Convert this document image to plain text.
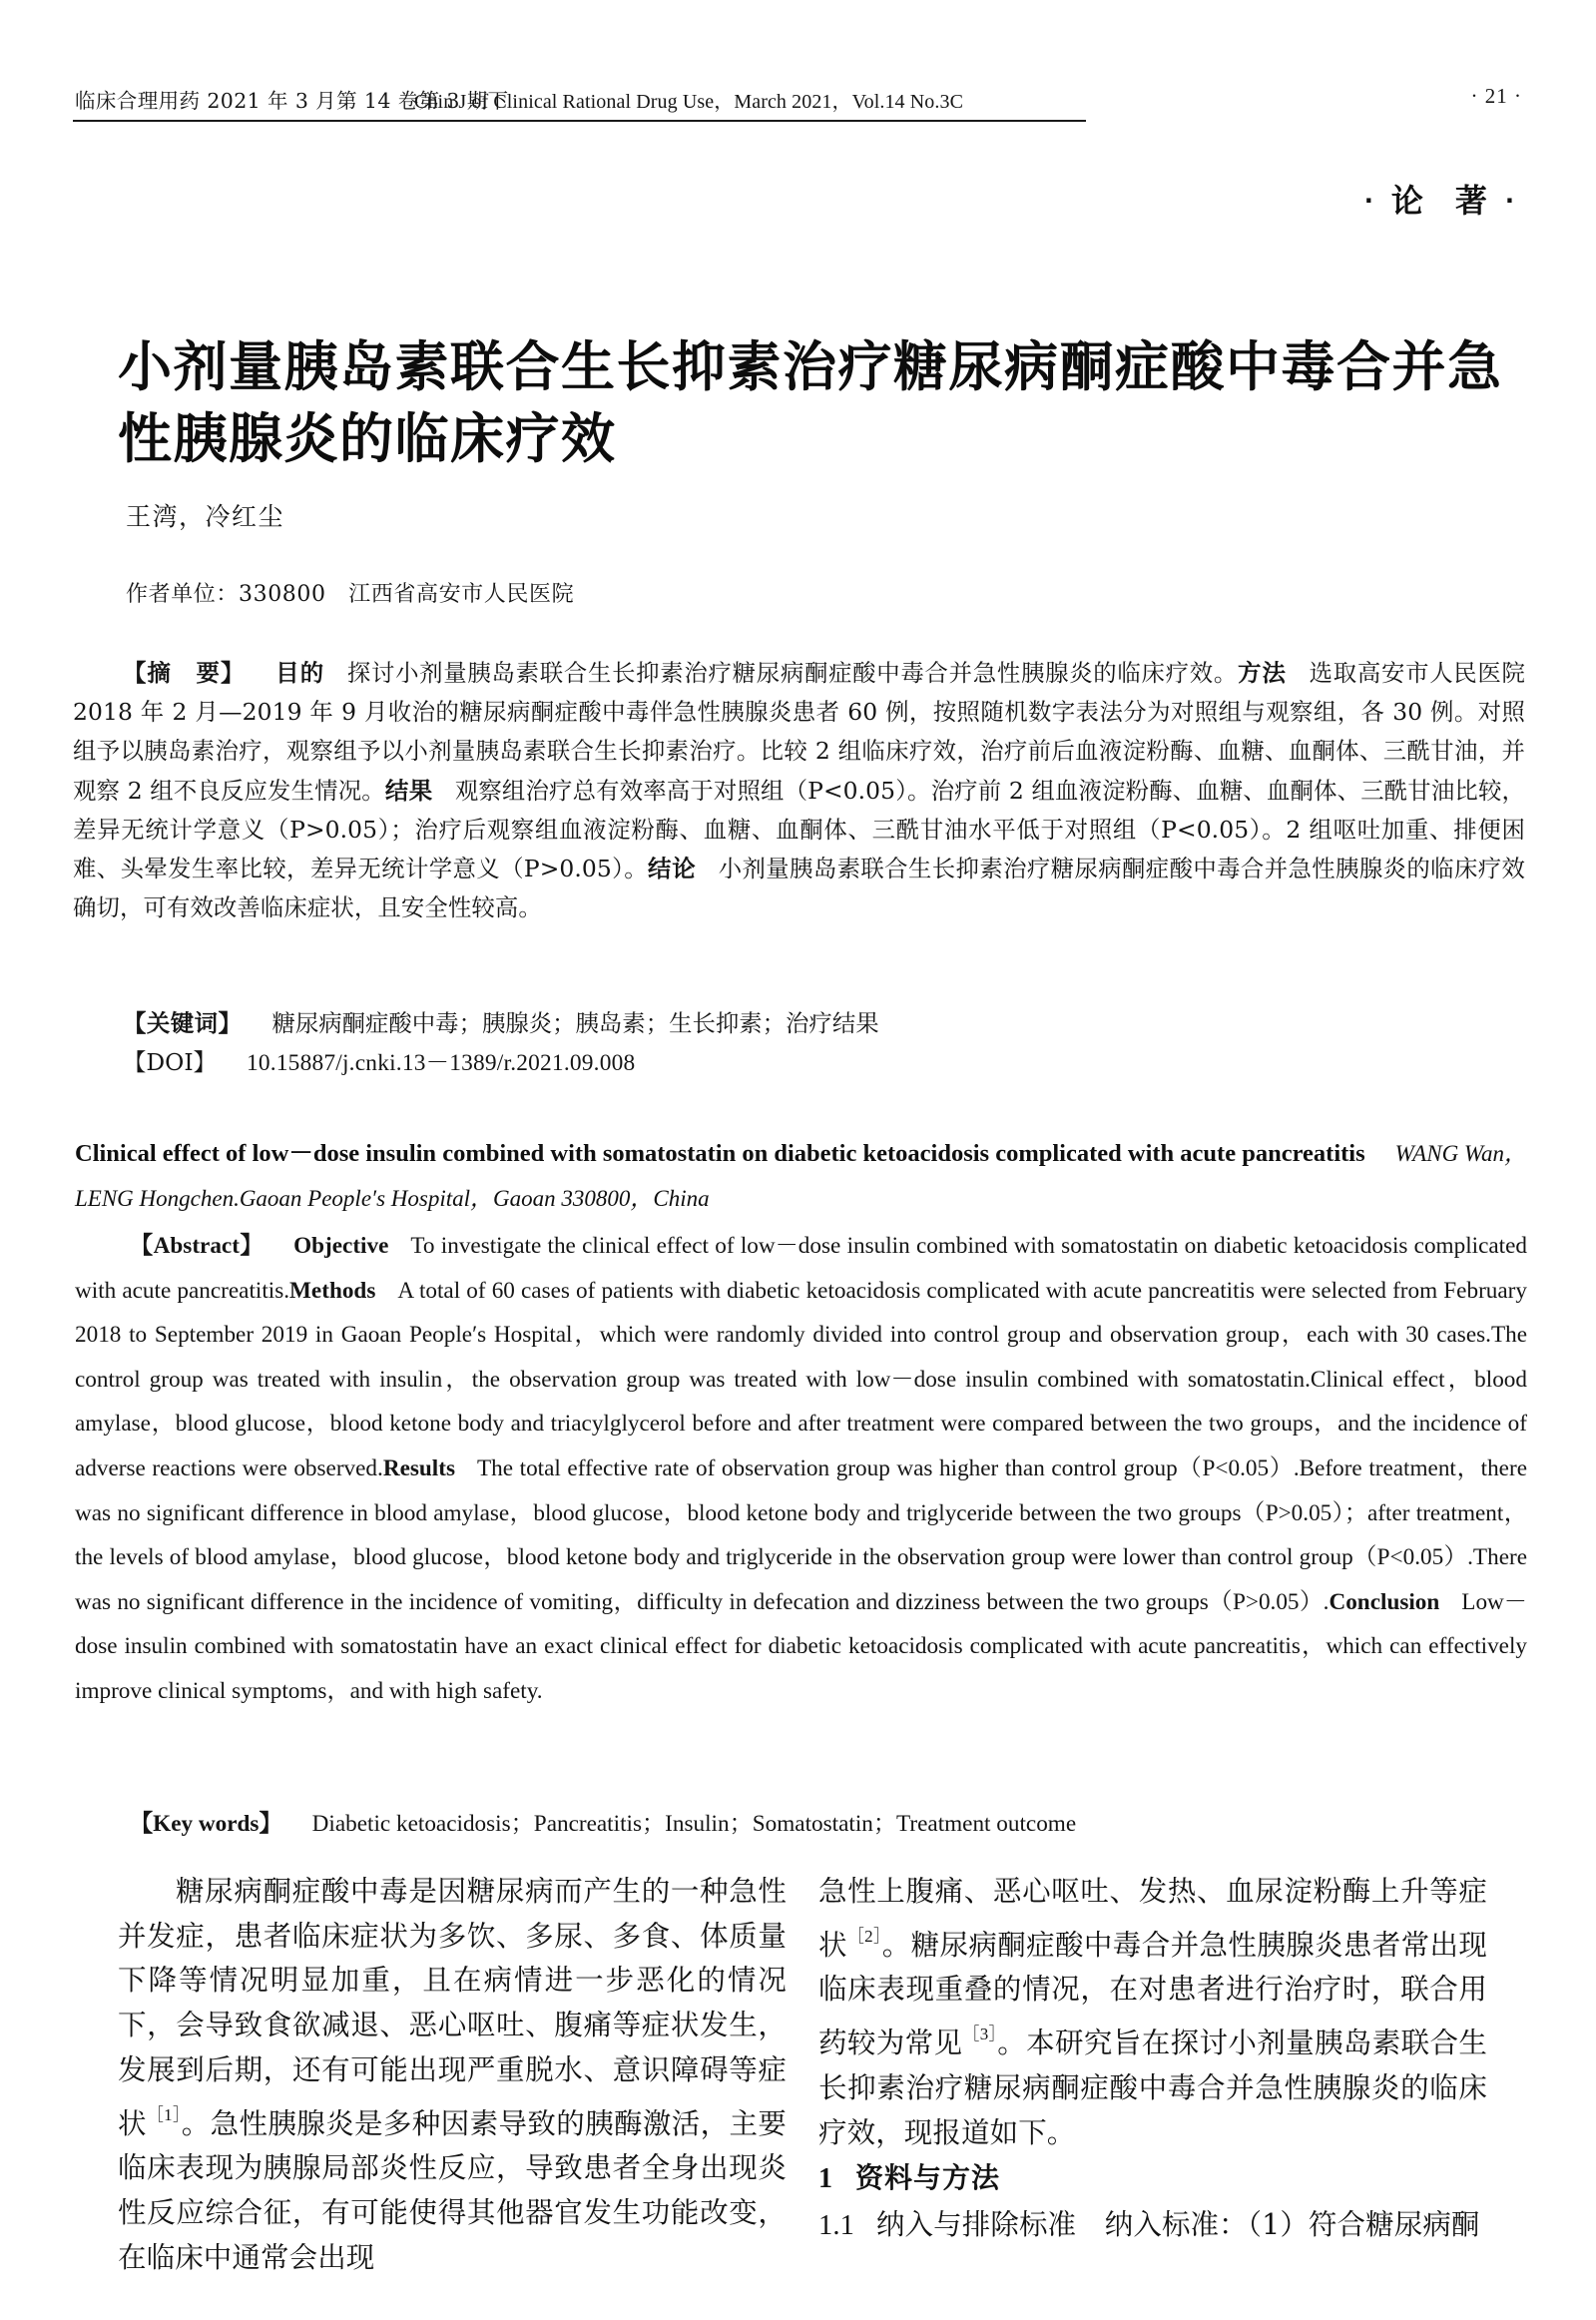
临床合理用药 2021 年 3 月第 14 卷第 3 期下
Chin J of Clinical Rational Drug Use，March 2021，Vol.14 No.3C	· 21 ·
· 论 著 ·
小剂量胰岛素联合生长抑素治疗糖尿病酮症酸中毒合并急性胰腺炎的临床疗效
王湾，冷红尘
作者单位：330800　江西省高安市人民医院

【摘　要】 目的 探讨小剂量胰岛素联合生长抑素治疗糖尿病酮症酸中毒合并急性胰腺炎的临床疗效。方法 选取高安市人民医院 2018 年 2 月—2019 年 9 月收治的糖尿病酮症酸中毒伴急性胰腺炎患者 60 例，按照随机数字表法分为对照组与观察组，各 30 例。对照组予以胰岛素治疗，观察组予以小剂量胰岛素联合生长抑素治疗。比较 2 组临床疗效，治疗前后血液淀粉酶、血糖、血酮体、三酰甘油，并观察 2 组不良反应发生情况。结果 观察组治疗总有效率高于对照组（P<0.05）。治疗前 2 组血液淀粉酶、血糖、血酮体、三酰甘油比较，差异无统计学意义（P>0.05）；治疗后观察组血液淀粉酶、血糖、血酮体、三酰甘油水平低于对照组（P<0.05）。2 组呕吐加重、排便困难、头晕发生率比较，差异无统计学意义（P>0.05）。结论 小剂量胰岛素联合生长抑素治疗糖尿病酮症酸中毒合并急性胰腺炎的临床疗效确切，可有效改善临床症状，且安全性较高。

【关键词】 糖尿病酮症酸中毒；胰腺炎；胰岛素；生长抑素；治疗结果

【DOI】 10.15887/j.cnki.13－1389/r.2021.09.008

Clinical effect of low－dose insulin combined with somatostatin on diabetic ketoacidosis complicated with acute pancreatitis WANG Wan，LENG Hongchen.Gaoan People′s Hospital，Gaoan 330800，China

【Abstract】 Objective To investigate the clinical effect of low－dose insulin combined with somatostatin on diabetic ketoacidosis complicated with acute pancreatitis.Methods A total of 60 cases of patients with diabetic ketoacidosis complicated with acute pancreatitis were selected from February 2018 to September 2019 in Gaoan People′s Hospital，which were randomly divided into control group and observation group，each with 30 cases.The control group was treated with insulin，the observation group was treated with low－dose insulin combined with somatostatin.Clinical effect，blood amylase，blood glucose，blood ketone body and triacylglycerol before and after treatment were compared between the two groups，and the incidence of adverse reactions were observed.Results The total effective rate of observation group was higher than control group（P<0.05）.Before treatment，there was no significant difference in blood amylase，blood glucose，blood ketone body and triglyceride between the two groups（P>0.05）；after treatment，the levels of blood amylase，blood glucose，blood ketone body and triglyceride in the observation group were lower than control group（P<0.05）.There was no significant difference in the incidence of vomiting，difficulty in defecation and dizziness between the two groups（P>0.05）.Conclusion Low－dose insulin combined with somatostatin have an exact clinical effect for diabetic ketoacidosis complicated with acute pancreatitis，which can effectively improve clinical symptoms，and with high safety.

【Key words】 Diabetic ketoacidosis；Pancreatitis；Insulin；Somatostatin；Treatment outcome

糖尿病酮症酸中毒是因糖尿病而产生的一种急性并发症，患者临床症状为多饮、多尿、多食、体质量下降等情况明显加重，且在病情进一步恶化的情况下，会导致食欲减退、恶心呕吐、腹痛等症状发生，发展到后期，还有可能出现严重脱水、意识障碍等症状$^{[1]}$。急性胰腺炎是多种因素导致的胰酶激活，主要临床表现为胰腺局部炎性反应，导致患者全身出现炎性反应综合征，有可能使得其他器官发生功能改变，在临床中通常会出现

急性上腹痛、恶心呕吐、发热、血尿淀粉酶上升等症状$^{[2]}$。糖尿病酮症酸中毒合并急性胰腺炎患者常出现临床表现重叠的情况，在对患者进行治疗时，联合用药较为常见$^{[3]}$。本研究旨在探讨小剂量胰岛素联合生长抑素治疗糖尿病酮症酸中毒合并急性胰腺炎的临床疗效，现报道如下。

1 资料与方法

1.1 纳入与排除标准　纳入标准：（1）符合糖尿病酮
